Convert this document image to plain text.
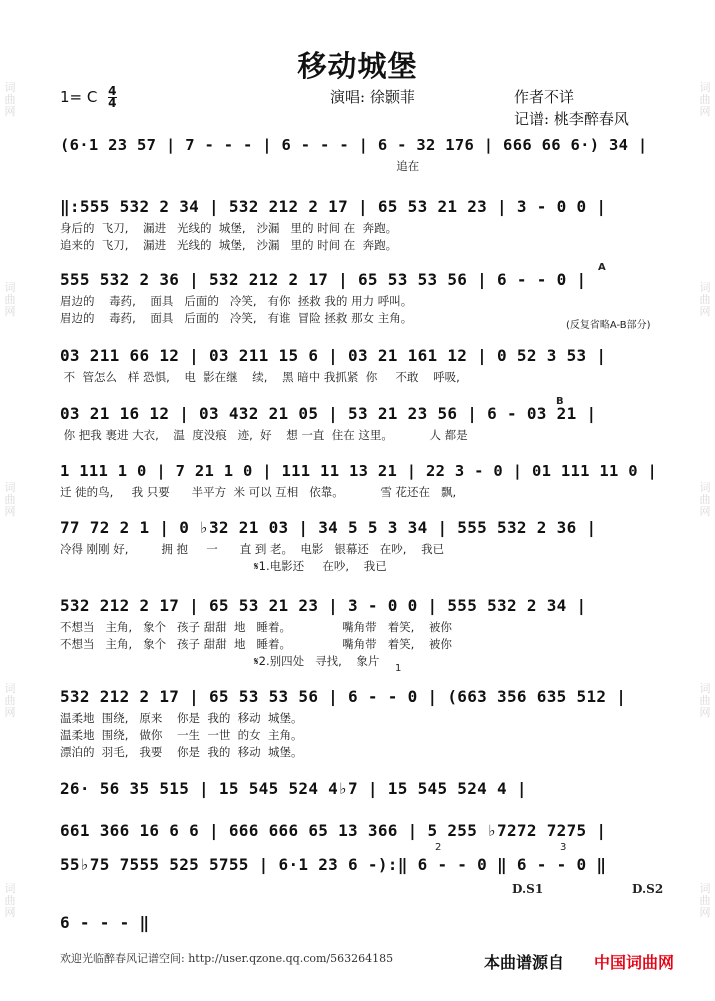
词
曲
网
词
曲
网
词
曲
网
词
曲
网
词
曲
网
词
曲
网
词
曲
网
词
曲
网
词
曲
网
词
曲
网
移动城堡
1= C $\frac{4}{4}$	演唱: 徐颢菲	作者不详
记谱: 桃李醉春风
(6·1 23 57 | 7 - - - | 6 - - - | 6 - 32 176 | 666 66 6·) 34 |
追在
‖:555 532 2 34 | 532 212 2 17 | 65 53 21 23 | 3 - 0 0 |
身后的  飞刀,    漏进   光线的  城堡,   沙漏   里的 时间 在  奔跑。
追来的  飞刀,    漏进   光线的  城堡,   沙漏   里的 时间 在  奔跑。
555 532 2 36 | 532 212 2 17 | 65 53 53 56 | 6 - - 0 |
眉边的    毒药,    面具   后面的   冷笑,   有你  拯救 我的 用力 呼叫。
眉边的    毒药,    面具   后面的   冷笑,   有谁  冒险 拯救 那女 主角。
03 211 66 12 | 03 211 15 6 | 03 21 161 12 | 0 52 3 53 |
不  管怎么   样 恐惧,    电  影在继    续,    黑 暗中 我抓紧  你     不敢    呼吸,
03 21 16 12 | 03 432 21 05 | 53 21 23 56 | 6 - 03 21 |
你 把我 裹进 大衣,    温  度没痕   迹,  好    想 一直  住在 这里。          人 都是
1 111 1 0 | 7 21 1 0 | 111 11 13 21 | 22 3 - 0 | 01 111 11 0 |
迁 徙的鸟,     我 只要      半平方  米 可以 互相   依靠。          雪 花还在   飘,
77 72 2 1 | 0 ♭32 21 03 | 34 5 5 3 34 | 555 532 2 36 |
冷得 刚刚 好,         拥 抱     一      直 到 老。  电影   银幕还   在吵,    我已
𝄋1.电影还     在吵,    我已
532 212 2 17 | 65 53 21 23 | 3 - 0 0 | 555 532 2 34 |
不想当   主角,   象个   孩子 甜甜  地   睡着。              嘴角带   着笑,    被你
不想当   主角,   象个   孩子 甜甜  地   睡着。              嘴角带   着笑,    被你
𝄋2.别四处   寻找,    象片
532 212 2 17 | 65 53 53 56 | 6 - - 0 | (663 356 635 512 |
温柔地  围绕,   原来    你是  我的  移动  城堡。
温柔地  围绕,   做你    一生  一世  的女  主角。
漂泊的  羽毛,   我要    你是  我的  移动  城堡。
26· 56 35 515 | 15 545 524 4♭7 | 15 545 524 4 |
661 366 16 6 6 | 666 666 65 13 366 | 5 255 ♭7272 7275 |
55♭75 7555 525 5755 | 6·1 23 6 -):‖ 6 - - 0 ‖ 6 - - 0 ‖
6 - - - ‖
(反复省略A-B部分)
A
B
1
2	3
D.S1	D.S2
欢迎光临醉春风记谱空间: http://user.qzone.qq.com/563264185	本曲谱源自 中国词曲网
